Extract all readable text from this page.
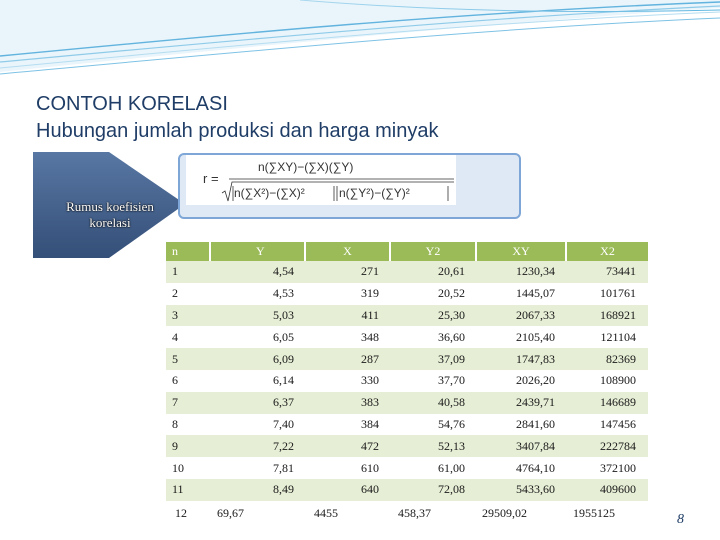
CONTOH KORELASI
Hubungan jumlah produksi dan harga minyak
Rumus koefisien korelasi
r =
n(∑XY)−(∑X)(∑Y)
n(∑X²)−(∑X)²	n(∑Y²)−(∑Y)²
n	Y	X	Y2	XY	X2
1	4,54	271	20,61	1230,34	73441
2	4,53	319	20,52	1445,07	101761
3	5,03	411	25,30	2067,33	168921
4	6,05	348	36,60	2105,40	121104
5	6,09	287	37,09	1747,83	82369
6	6,14	330	37,70	2026,20	108900
7	6,37	383	40,58	2439,71	146689
8	7,40	384	54,76	2841,60	147456
9	7,22	472	52,13	3407,84	222784
10	7,81	610	61,00	4764,10	372100
11	8,49	640	72,08	5433,60	409600
12	69,67	4455	458,37	29509,02	1955125	8
